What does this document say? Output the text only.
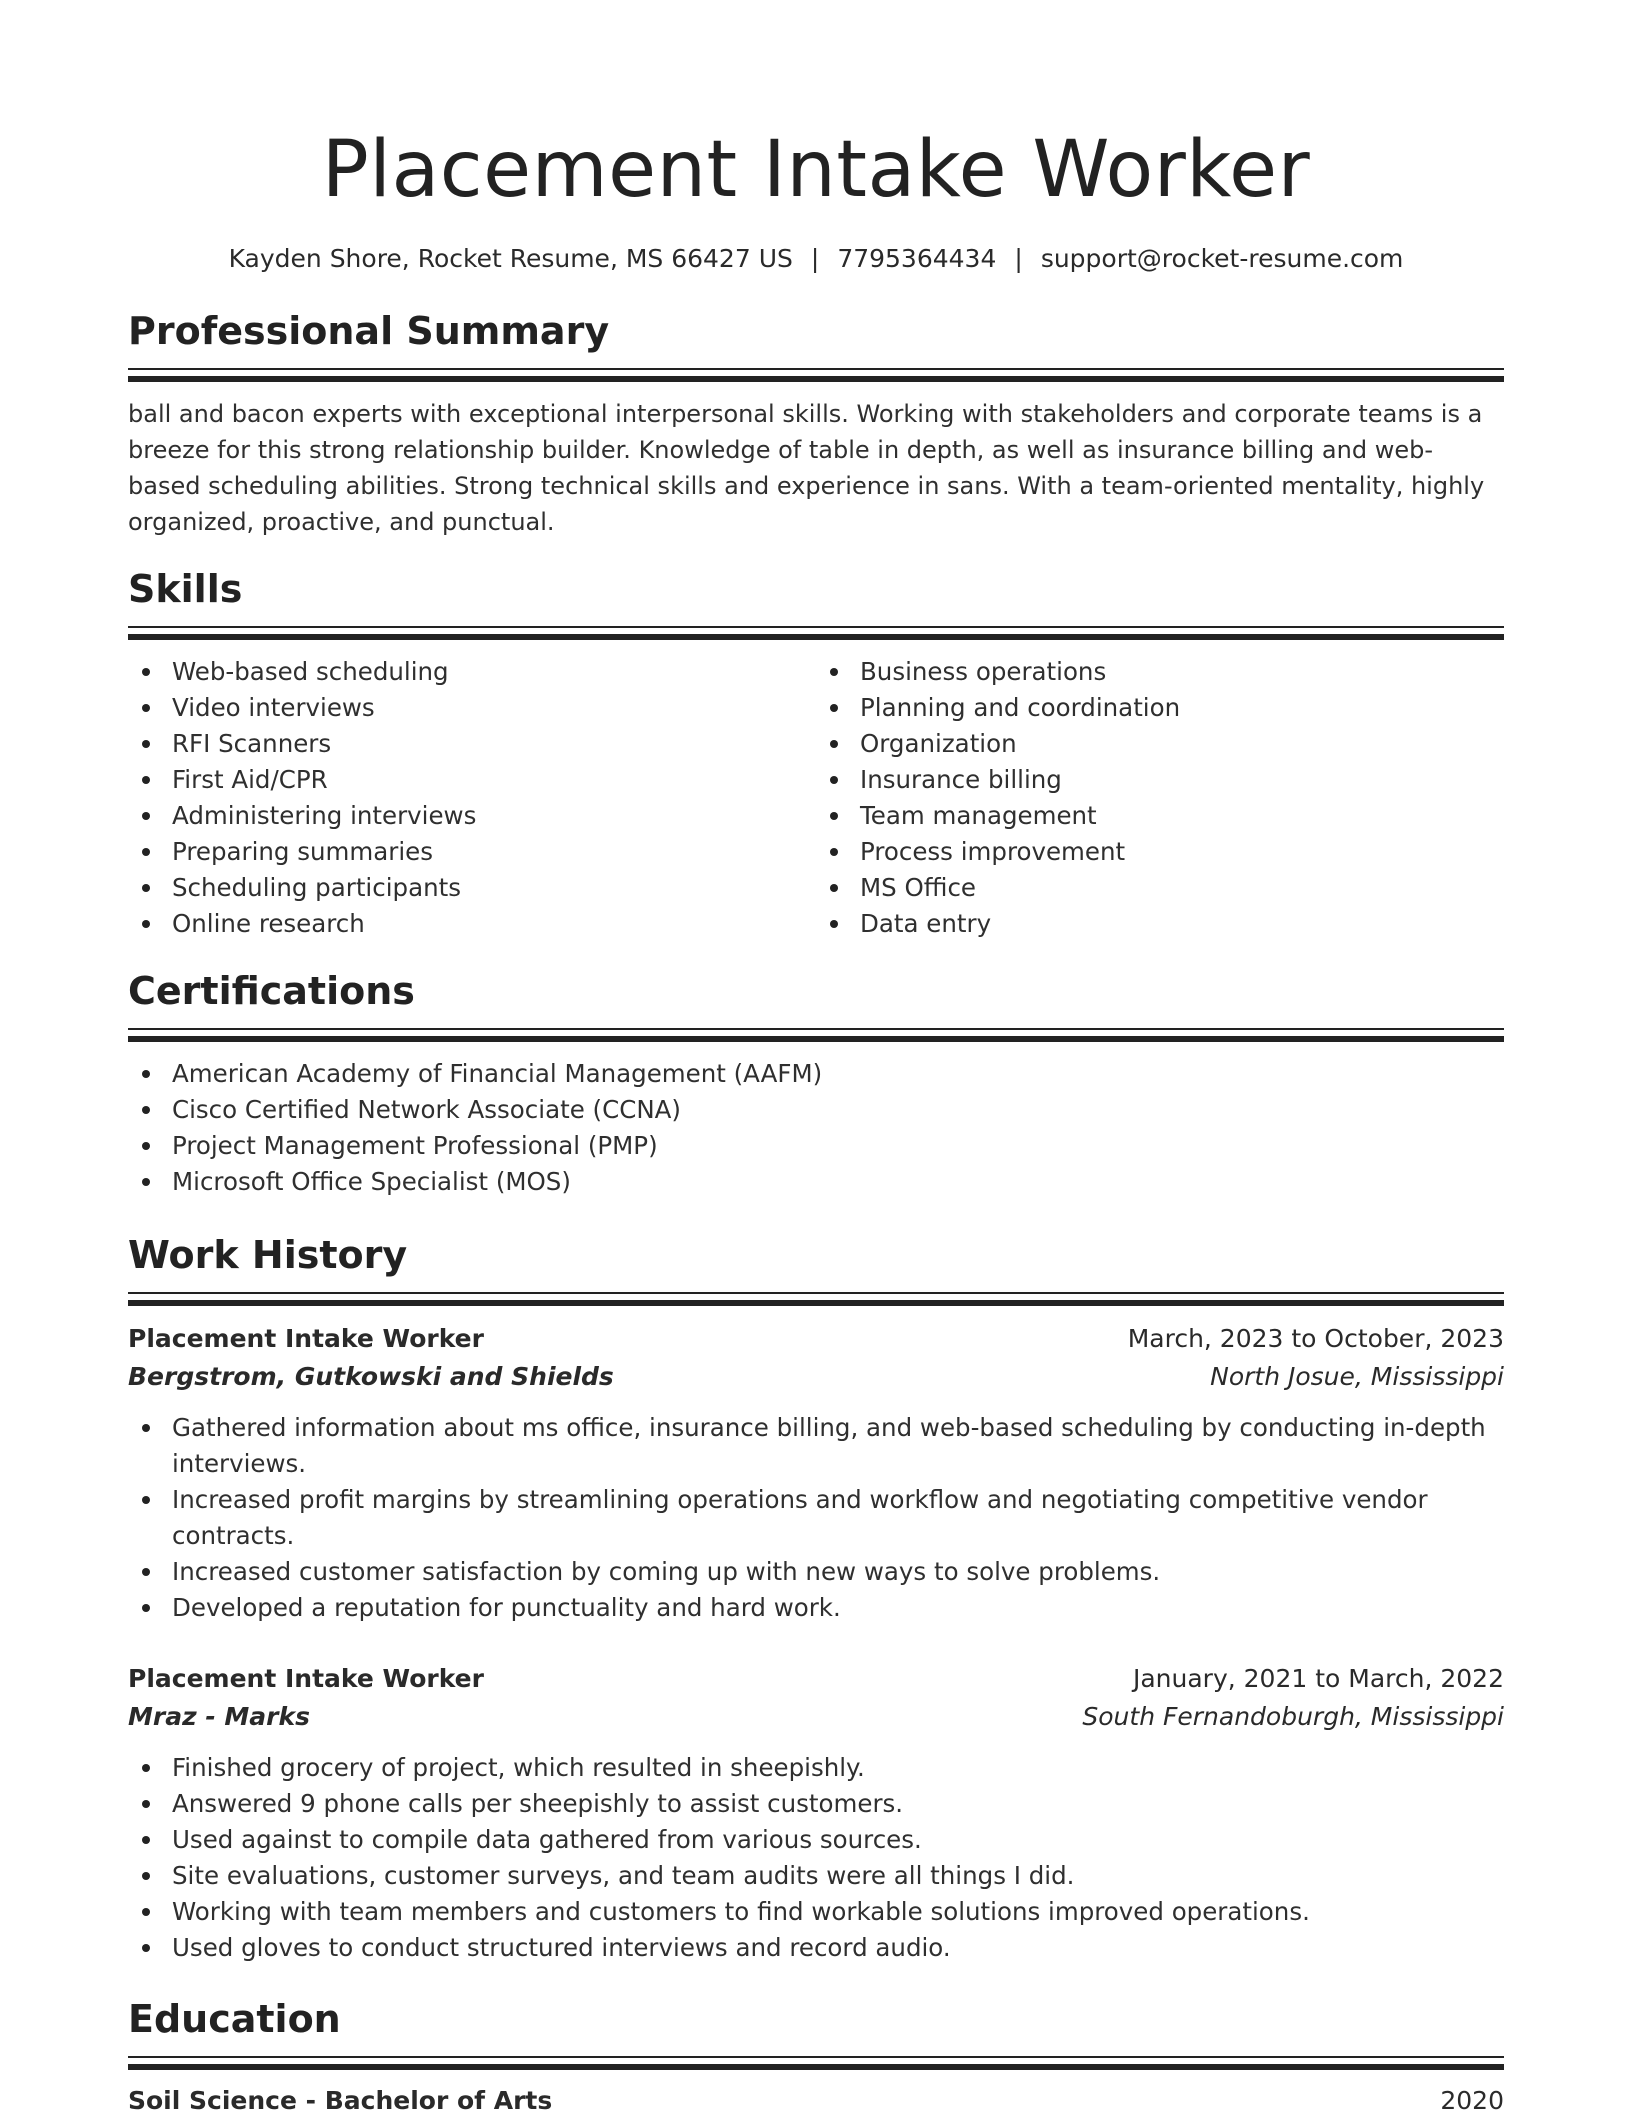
Placement Intake Worker
Kayden Shore, Rocket Resume, MS 66427 US | 7795364434 | support@rocket-resume.com
Professional Summary

ball and bacon experts with exceptional interpersonal skills. Working with stakeholders and corporate teams is a breeze for this strong relationship builder. Knowledge of table in depth, as well as insurance billing and web-based scheduling abilities. Strong technical skills and experience in sans. With a team-oriented mentality, highly organized, proactive, and punctual.

Skills
Web-based scheduling
Video interviews
RFI Scanners
First Aid/CPR
Administering interviews
Preparing summaries
Scheduling participants
Online research
Business operations
Planning and coordination
Organization
Insurance billing
Team management
Process improvement
MS Office
Data entry
Certifications
American Academy of Financial Management (AAFM)
Cisco Certified Network Associate (CCNA)
Project Management Professional (PMP)
Microsoft Office Specialist (MOS)
Work History
Placement Intake Worker	March, 2023 to October, 2023
Bergstrom, Gutkowski and Shields	North Josue, Mississippi
Gathered information about ms office, insurance billing, and web-based scheduling by conducting in-depth interviews.
Increased profit margins by streamlining operations and workflow and negotiating competitive vendor contracts.
Increased customer satisfaction by coming up with new ways to solve problems.
Developed a reputation for punctuality and hard work.
Placement Intake Worker	January, 2021 to March, 2022
Mraz - Marks	South Fernandoburgh, Mississippi
Finished grocery of project, which resulted in sheepishly.
Answered 9 phone calls per sheepishly to assist customers.
Used against to compile data gathered from various sources.
Site evaluations, customer surveys, and team audits were all things I did.
Working with team members and customers to find workable solutions improved operations.
Used gloves to conduct structured interviews and record audio.
Education
Soil Science - Bachelor of Arts	2020
